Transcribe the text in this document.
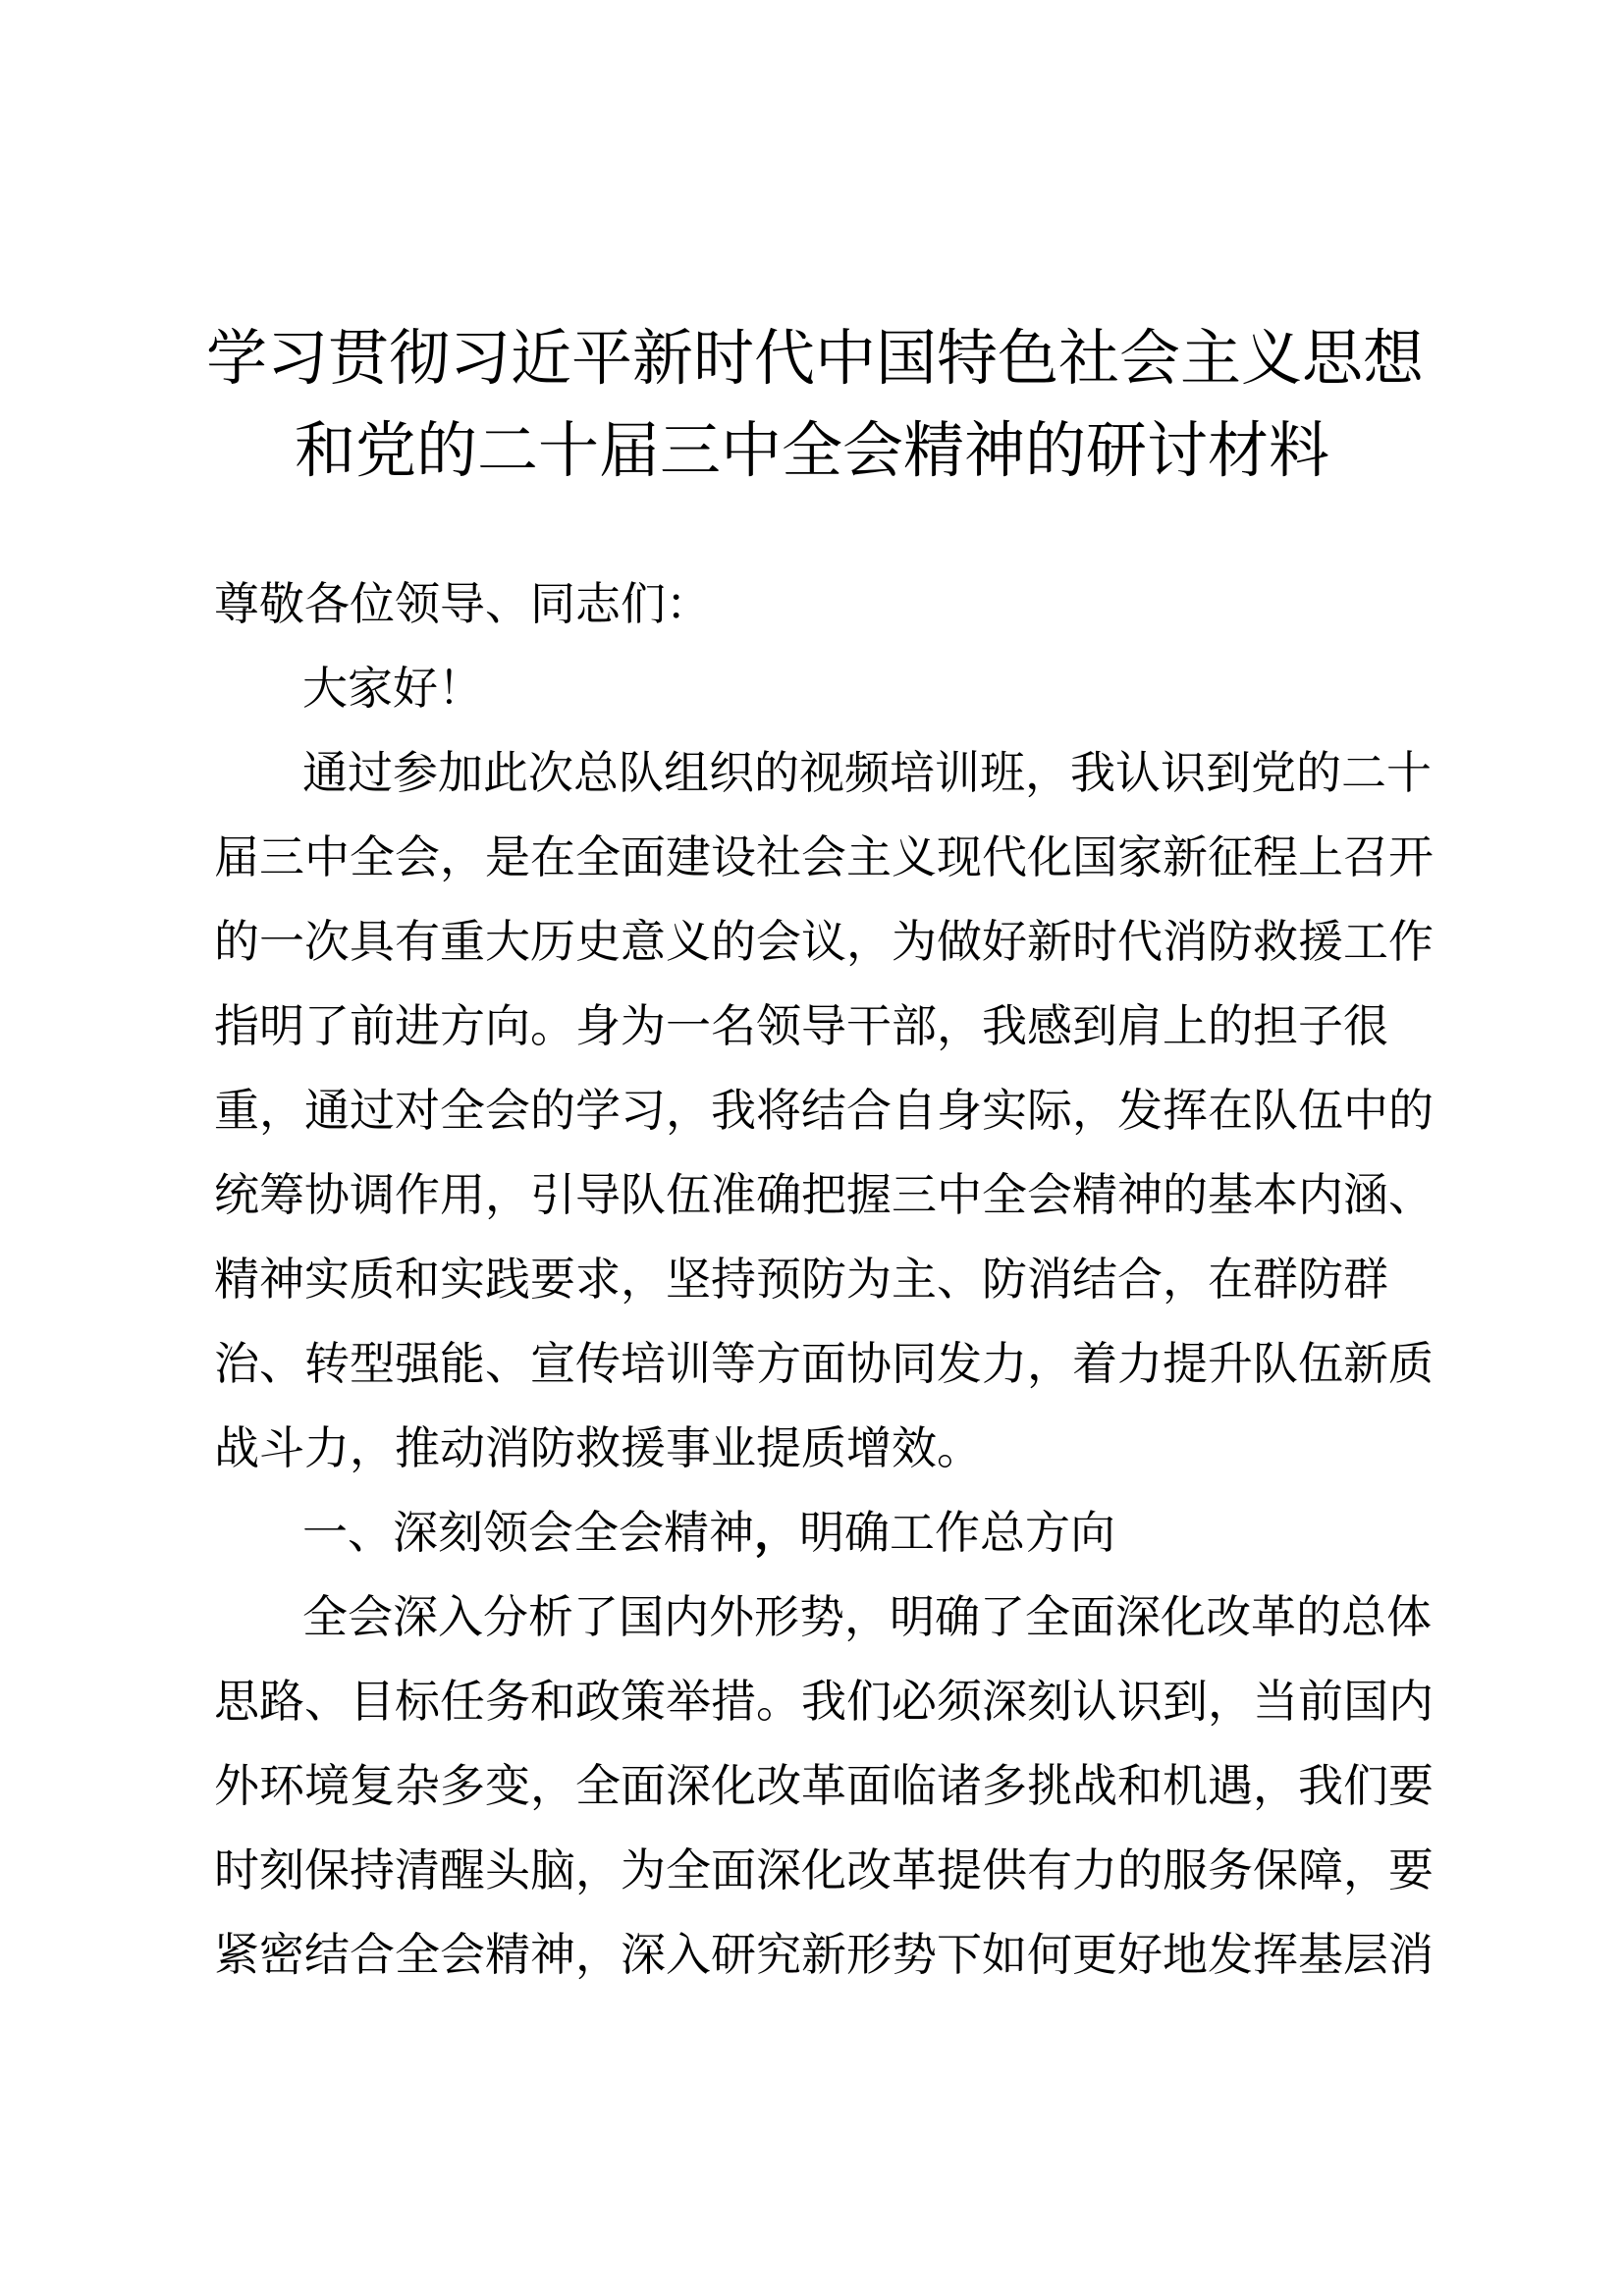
学习贯彻习近平新时代中国特色社会主义思想
和党的二十届三中全会精神的研讨材料
尊敬各位领导、同志们：
大家好！
通过参加此次总队组织的视频培训班，我认识到党的二十
届三中全会，是在全面建设社会主义现代化国家新征程上召开
的一次具有重大历史意义的会议，为做好新时代消防救援工作
指明了前进方向。身为一名领导干部，我感到肩上的担子很
重，通过对全会的学习，我将结合自身实际，发挥在队伍中的
统筹协调作用，引导队伍准确把握三中全会精神的基本内涵、
精神实质和实践要求，坚持预防为主、防消结合，在群防群
治、转型强能、宣传培训等方面协同发力，着力提升队伍新质
战斗力，推动消防救援事业提质增效。
一、深刻领会全会精神，明确工作总方向
全会深入分析了国内外形势，明确了全面深化改革的总体
思路、目标任务和政策举措。我们必须深刻认识到，当前国内
外环境复杂多变，全面深化改革面临诸多挑战和机遇，我们要
时刻保持清醒头脑，为全面深化改革提供有力的服务保障，要
紧密结合全会精神，深入研究新形势下如何更好地发挥基层消
